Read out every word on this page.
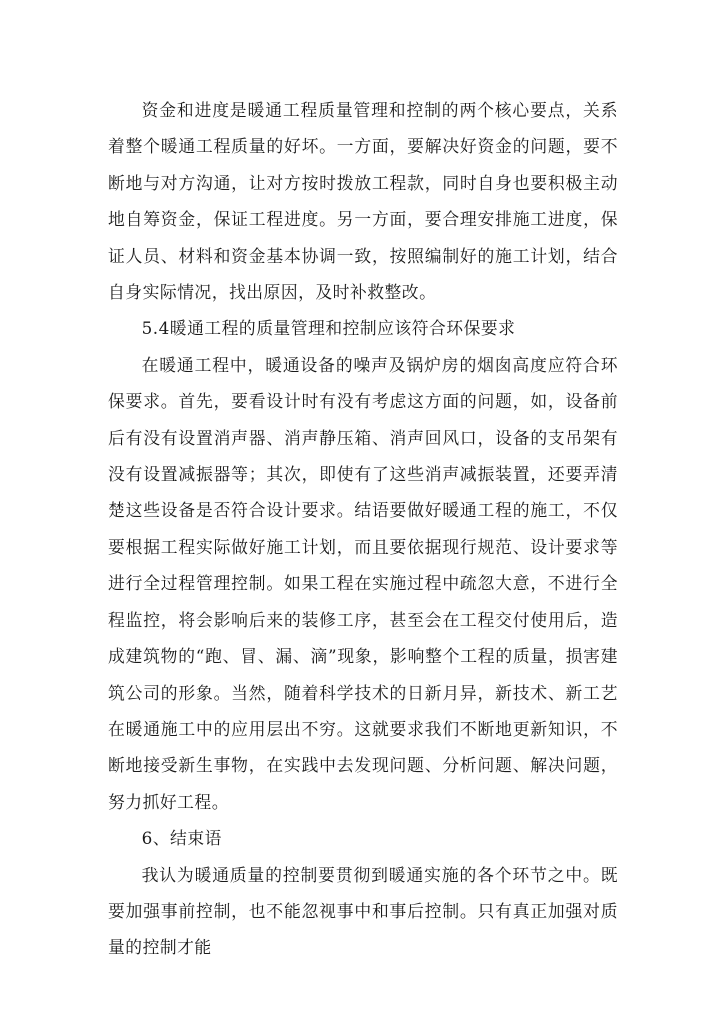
资金和进度是暖通工程质量管理和控制的两个核心要点，关系着整个暖通工程质量的好坏。一方面，要解决好资金的问题，要不断地与对方沟通，让对方按时拨放工程款，同时自身也要积极主动地自筹资金，保证工程进度。另一方面，要合理安排施工进度，保证人员、材料和资金基本协调一致，按照编制好的施工计划，结合自身实际情况，找出原因，及时补救整改。

5.4暖通工程的质量管理和控制应该符合环保要求

在暖通工程中，暖通设备的噪声及锅炉房的烟囱高度应符合环保要求。首先，要看设计时有没有考虑这方面的问题，如，设备前后有没有设置消声器、消声静压箱、消声回风口，设备的支吊架有没有设置减振器等；其次，即使有了这些消声减振装置，还要弄清楚这些设备是否符合设计要求。结语要做好暖通工程的施工，不仅要根据工程实际做好施工计划，而且要依据现行规范、设计要求等进行全过程管理控制。如果工程在实施过程中疏忽大意，不进行全程监控，将会影响后来的装修工序，甚至会在工程交付使用后，造成建筑物的“跑、冒、漏、滴”现象，影响整个工程的质量，损害建筑公司的形象。当然，随着科学技术的日新月异，新技术、新工艺在暖通施工中的应用层出不穷。这就要求我们不断地更新知识，不断地接受新生事物，在实践中去发现问题、分析问题、解决问题，努力抓好工程。

6、结束语

我认为暖通质量的控制要贯彻到暖通实施的各个环节之中。既要加强事前控制，也不能忽视事中和事后控制。只有真正加强对质量的控制才能
